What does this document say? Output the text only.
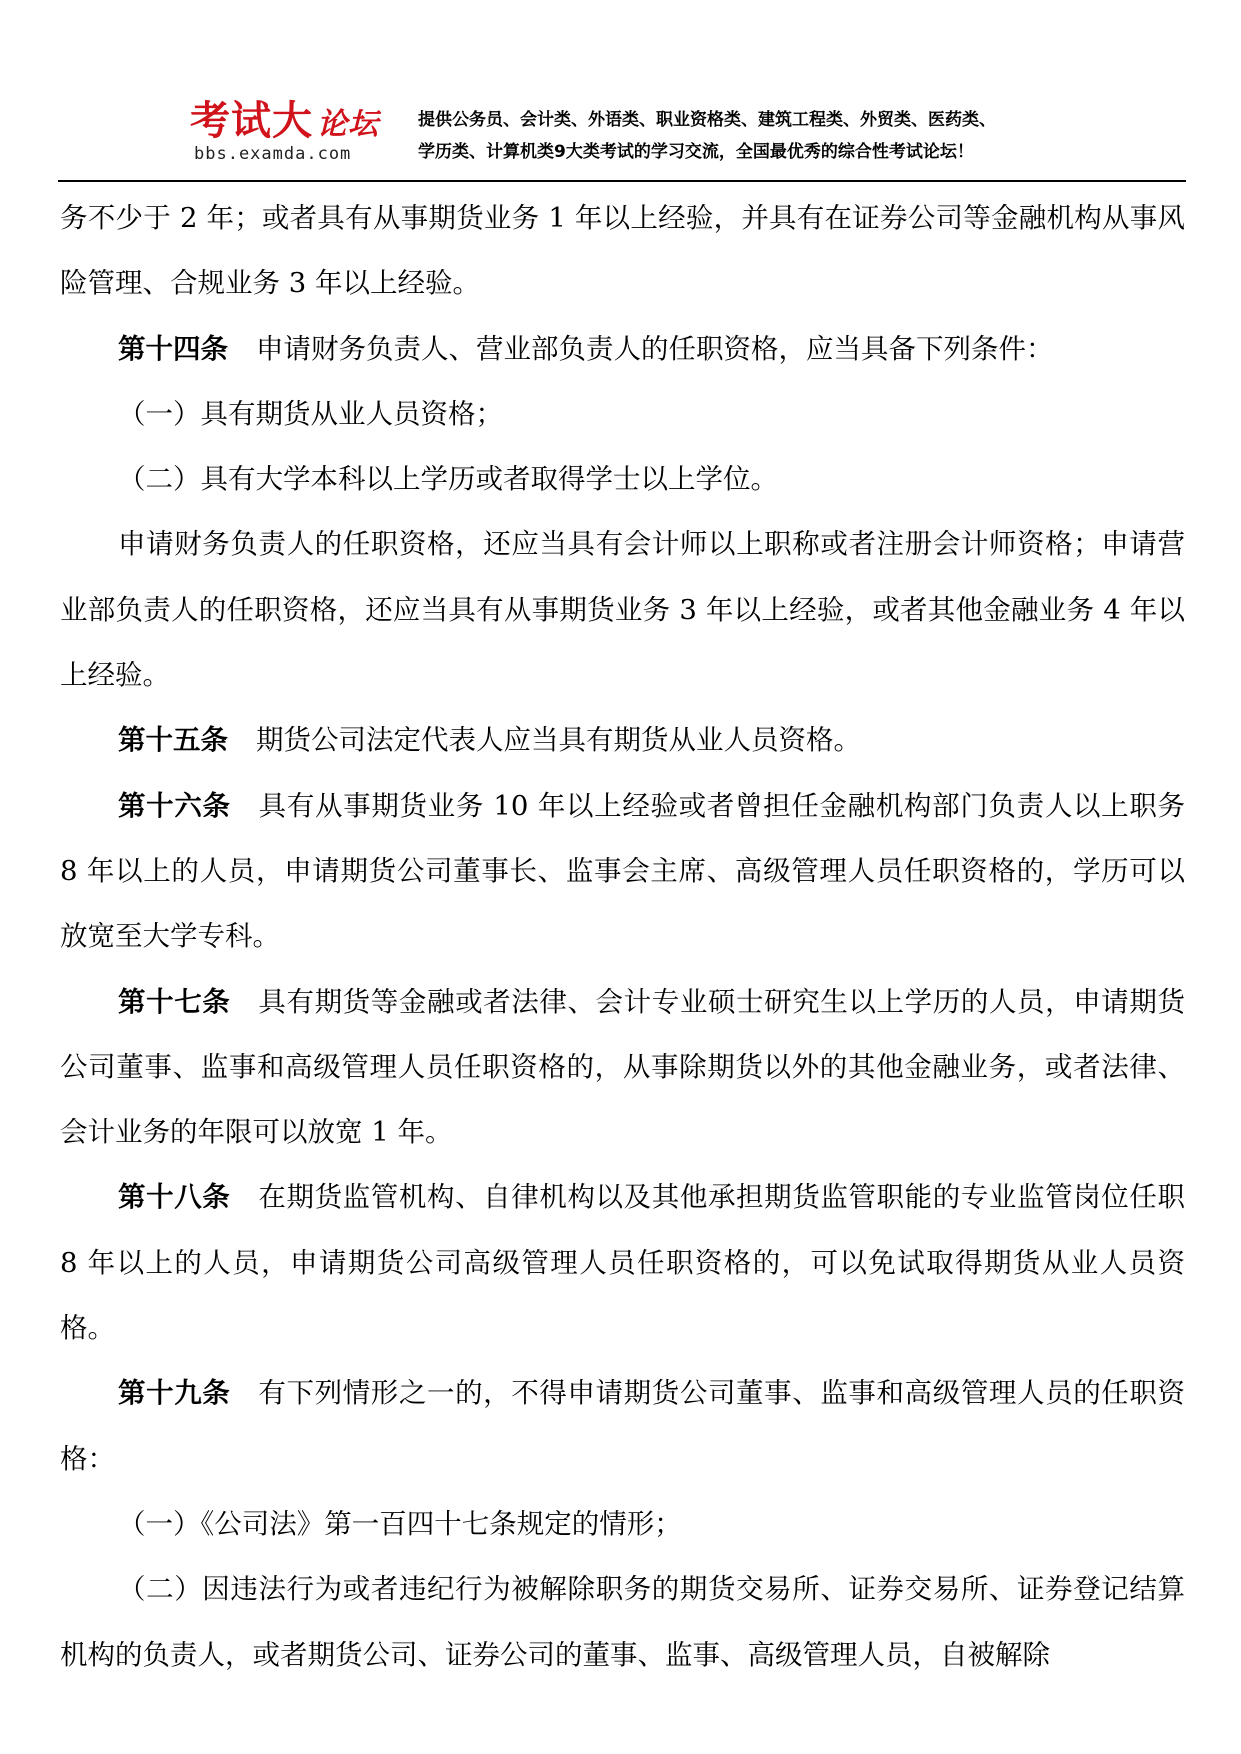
考试大 论坛
bbs.examda.com
提供公务员、会计类、外语类、职业资格类、建筑工程类、外贸类、医药类、
学历类、计算机类9大类考试的学习交流，全国最优秀的综合性考试论坛！

务不少于 2 年；或者具有从事期货业务 1 年以上经验，并具有在证券公司等金融机构从事风险管理、合规业务 3 年以上经验。

第十四条 申请财务负责人、营业部负责人的任职资格，应当具备下列条件：

（一）具有期货从业人员资格；

（二）具有大学本科以上学历或者取得学士以上学位。

申请财务负责人的任职资格，还应当具有会计师以上职称或者注册会计师资格；申请营业部负责人的任职资格，还应当具有从事期货业务 3 年以上经验，或者其他金融业务 4 年以上经验。

第十五条 期货公司法定代表人应当具有期货从业人员资格。

第十六条 具有从事期货业务 10 年以上经验或者曾担任金融机构部门负责人以上职务 8 年以上的人员，申请期货公司董事长、监事会主席、高级管理人员任职资格的，学历可以放宽至大学专科。

第十七条 具有期货等金融或者法律、会计专业硕士研究生以上学历的人员，申请期货公司董事、监事和高级管理人员任职资格的，从事除期货以外的其他金融业务，或者法律、会计业务的年限可以放宽 1 年。

第十八条 在期货监管机构、自律机构以及其他承担期货监管职能的专业监管岗位任职 8 年以上的人员，申请期货公司高级管理人员任职资格的，可以免试取得期货从业人员资格。

第十九条 有下列情形之一的，不得申请期货公司董事、监事和高级管理人员的任职资格：

（一）《公司法》第一百四十七条规定的情形；

（二）因违法行为或者违纪行为被解除职务的期货交易所、证券交易所、证券登记结算机构的负责人，或者期货公司、证券公司的董事、监事、高级管理人员，自被解除
